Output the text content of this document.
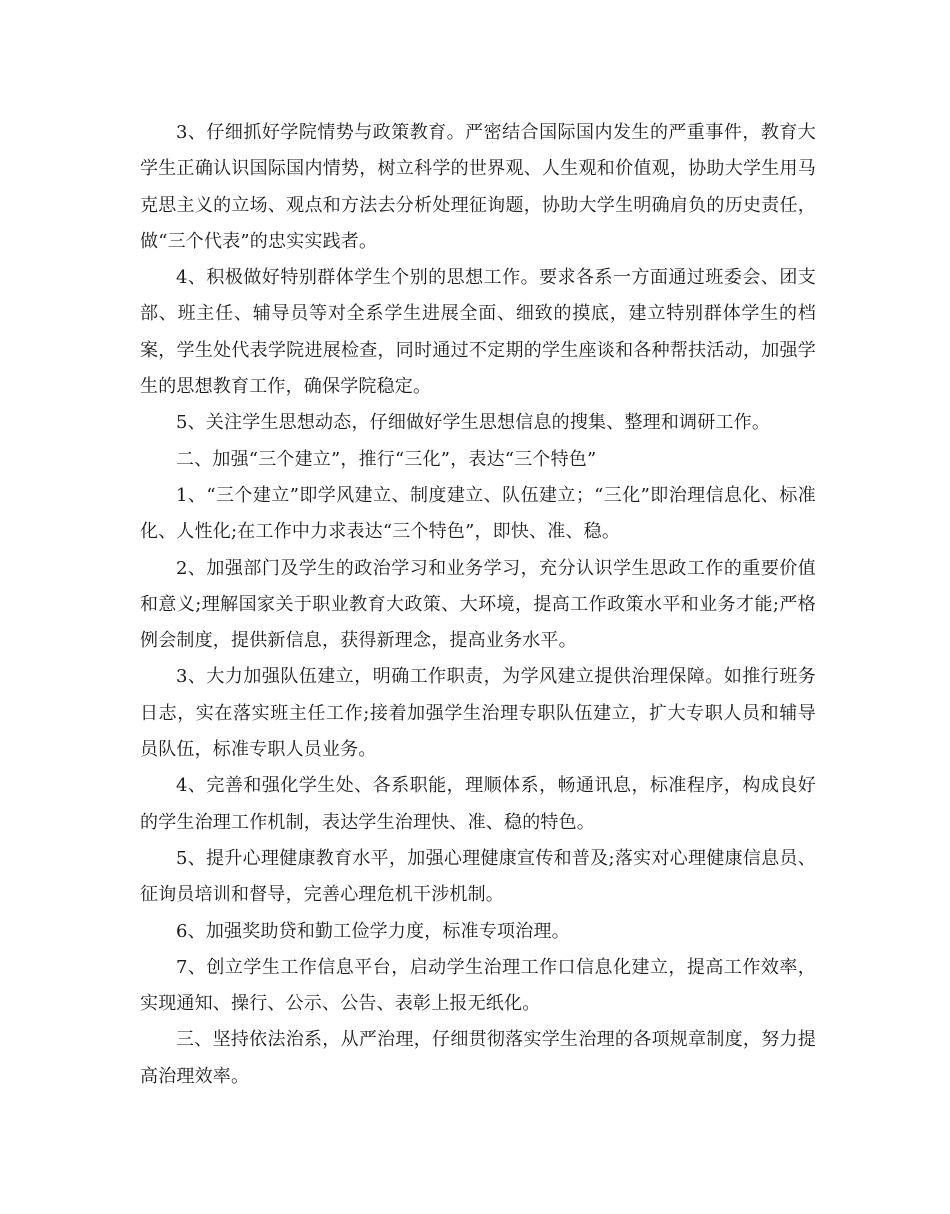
3、仔细抓好学院情势与政策教育。严密结合国际国内发生的严重事件，教育大学生正确认识国际国内情势，树立科学的世界观、人生观和价值观，协助大学生用马克思主义的立场、观点和方法去分析处理征询题，协助大学生明确肩负的历史责任，做“三个代表”的忠实实践者。

4、积极做好特别群体学生个别的思想工作。要求各系一方面通过班委会、团支部、班主任、辅导员等对全系学生进展全面、细致的摸底，建立特别群体学生的档案，学生处代表学院进展检查，同时通过不定期的学生座谈和各种帮扶活动，加强学生的思想教育工作，确保学院稳定。

5、关注学生思想动态，仔细做好学生思想信息的搜集、整理和调研工作。

二、加强“三个建立”，推行“三化”，表达“三个特色”

1、“三个建立”即学风建立、制度建立、队伍建立；“三化”即治理信息化、标准化、人性化;在工作中力求表达“三个特色”，即快、准、稳。

2、加强部门及学生的政治学习和业务学习，充分认识学生思政工作的重要价值和意义;理解国家关于职业教育大政策、大环境，提高工作政策水平和业务才能;严格例会制度，提供新信息，获得新理念，提高业务水平。

3、大力加强队伍建立，明确工作职责，为学风建立提供治理保障。如推行班务日志，实在落实班主任工作;接着加强学生治理专职队伍建立，扩大专职人员和辅导员队伍，标准专职人员业务。

4、完善和强化学生处、各系职能，理顺体系，畅通讯息，标准程序，构成良好的学生治理工作机制，表达学生治理快、准、稳的特色。

5、提升心理健康教育水平，加强心理健康宣传和普及;落实对心理健康信息员、征询员培训和督导，完善心理危机干涉机制。

6、加强奖助贷和勤工俭学力度，标准专项治理。

7、创立学生工作信息平台，启动学生治理工作口信息化建立，提高工作效率，实现通知、操行、公示、公告、表彰上报无纸化。

三、坚持依法治系，从严治理，仔细贯彻落实学生治理的各项规章制度，努力提高治理效率。
